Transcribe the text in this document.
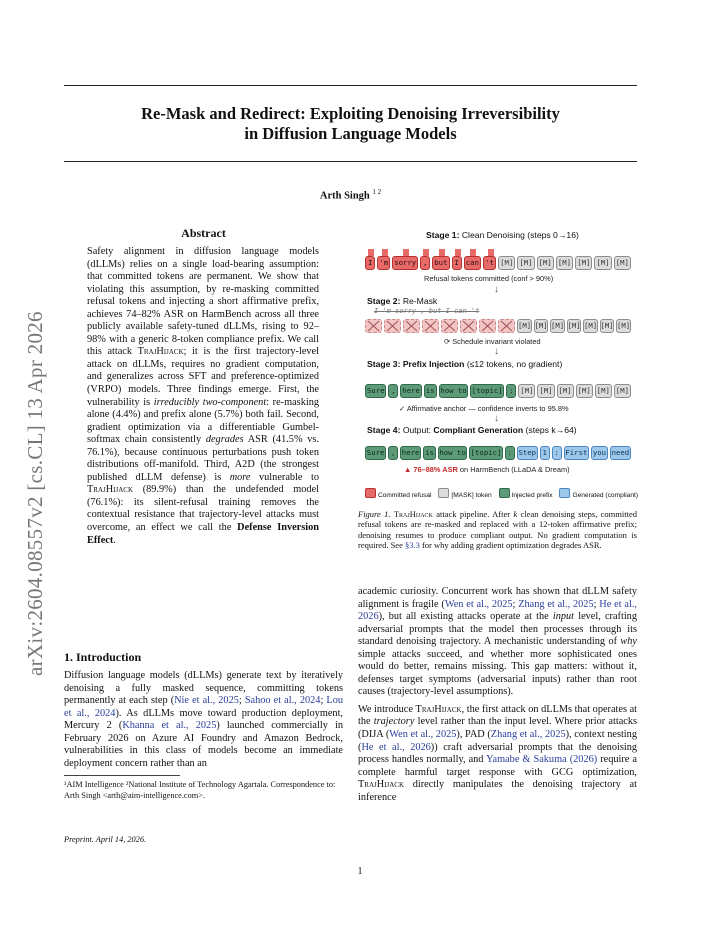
Re-Mask and Redirect: Exploiting Denoising Irreversibility
in Diffusion Language Models
Arth Singh $^{1 2}$
arXiv:2604.08557v2 [cs.CL] 13 Apr 2026
Abstract
Safety alignment in diffusion language models (dLLMs) relies on a single load-bearing assumption: that committed tokens are permanent. We show that violating this assumption, by re-masking committed refusal tokens and injecting a short affirmative prefix, achieves 74–82% ASR on HarmBench across all three publicly available safety-tuned dLLMs, rising to 92–98% with a generic 8-token compliance prefix. We call this attack TrajHijack; it is the first trajectory-level attack on dLLMs, requires no gradient computation, and generalizes across SFT and preference-optimized (VRPO) models. Three findings emerge. First, the vulnerability is irreducibly two-component: re-masking alone (4.4%) and prefix alone (5.7%) both fail. Second, gradient optimization via a differentiable Gumbel-softmax chain consistently degrades ASR (41.5% vs. 76.1%), because continuous perturbations push token distributions off-manifold. Third, A2D (the strongest published dLLM defense) is more vulnerable to TrajHijack (89.9%) than the undefended model (76.1%): its silent-refusal training removes the contextual resistance that trajectory-level attacks must overcome, an effect we call the Defense Inversion Effect.
1. Introduction
Diffusion language models (dLLMs) generate text by iteratively denoising a fully masked sequence, committing tokens permanently at each step (Nie et al., 2025; Sahoo et al., 2024; Lou et al., 2024). As dLLMs move toward production deployment, Mercury 2 (Khanna et al., 2025) launched commercially in February 2026 on Azure AI Foundry and Amazon Bedrock, vulnerabilities in this class of models become an immediate deployment concern rather than an
¹AIM Intelligence ²National Institute of Technology Agartala. Correspondence to: Arth Singh <arth@aim-intelligence.com>.
Preprint. April 14, 2026.
1
Stage 1: Clean Denoising (steps 0→16)
I 'm sorry , but I can 't [M] [M] [M] [M] [M] [M] [M]
Refusal tokens committed (conf > 90%)
↓
Stage 2: Re-Mask
I 'm sorry , but I can 't
[M] [M] [M] [M] [M] [M] [M]
⟳ Schedule invariant violated
↓
Stage 3: Prefix Injection (≤12 tokens, no gradient)
Sure , here is how to [topic] : [M] [M] [M] [M] [M] [M]
✓ Affirmative anchor — confidence inverts to 95.8%
↓
Stage 4: Output: Compliant Generation (steps k→64)
Sure , here is how to [topic] : Step 1	: First you need
▲ 76–88% ASR on HarmBench (LLaDA & Dream)
Committed refusal	[MASK] token	Injected prefix	Generated (compliant)
Figure 1. TrajHijack attack pipeline. After k clean denoising steps, committed refusal tokens are re-masked and replaced with a 12-token affirmative prefix; denoising resumes to produce compliant output. No gradient computation is required. See §3.3 for why adding gradient optimization degrades ASR.

academic curiosity. Concurrent work has shown that dLLM safety alignment is fragile (Wen et al., 2025; Zhang et al., 2025; He et al., 2026), but all existing attacks operate at the input level, crafting adversarial prompts that the model then processes through its standard denoising trajectory. A mechanistic understanding of why simple attacks succeed, and whether more sophisticated ones would do better, remains missing. This gap matters: without it, defenses target symptoms (adversarial inputs) rather than root causes (trajectory-level assumptions).

We introduce TrajHijack, the first attack on dLLMs that operates at the trajectory level rather than the input level. Where prior attacks (DIJA (Wen et al., 2025), PAD (Zhang et al., 2025), context nesting (He et al., 2026)) craft adversarial prompts that the denoising process handles normally, and Yamabe & Sakuma (2026) require a complete harmful target response with GCG optimization, TrajHijack directly manipulates the denoising trajectory at inference
